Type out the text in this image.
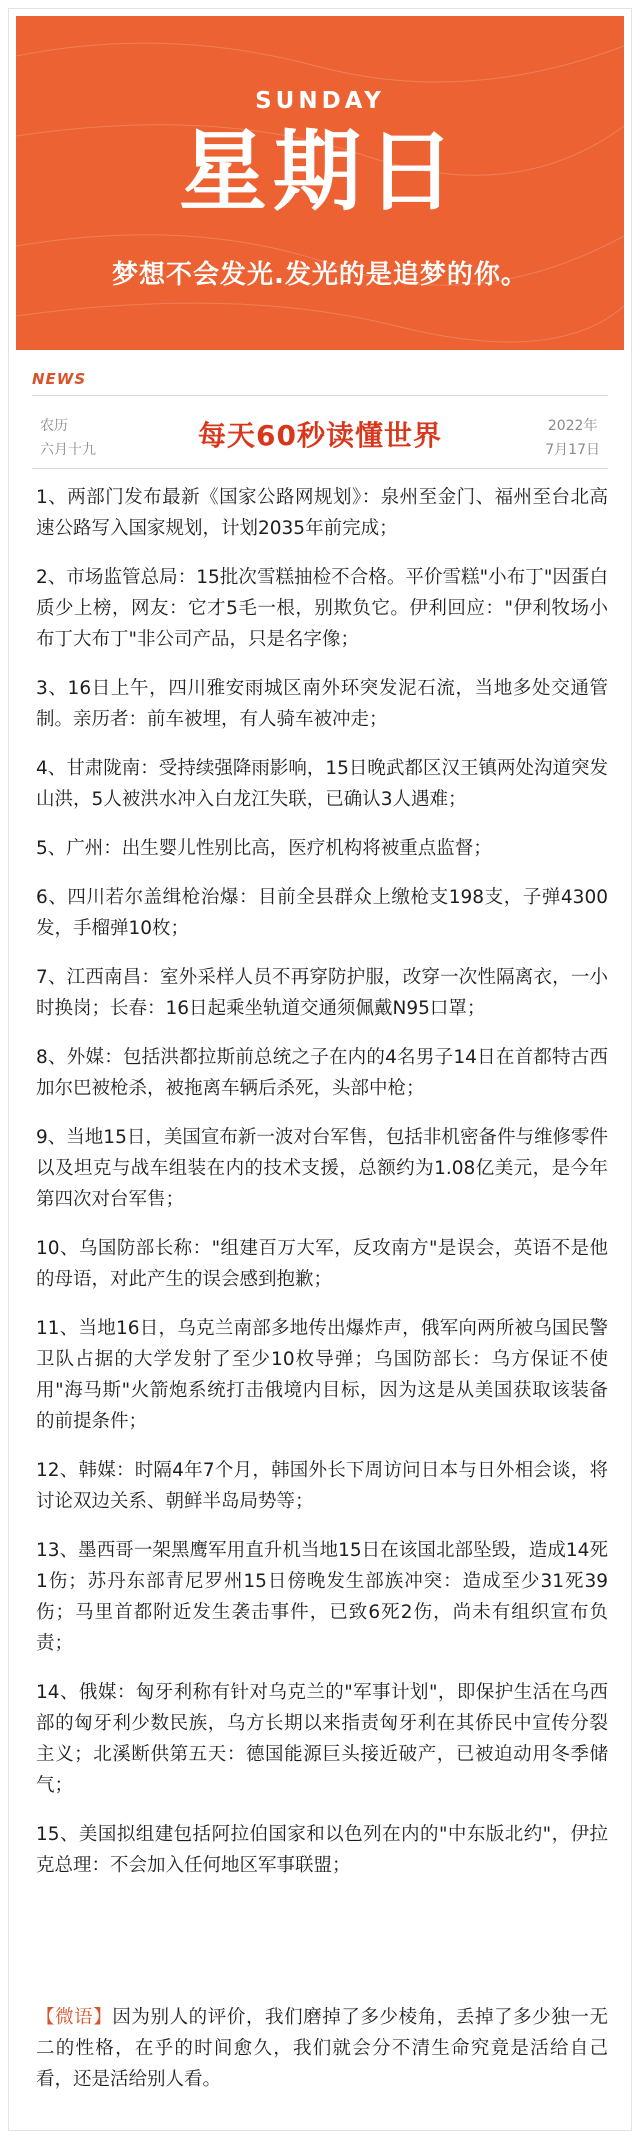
SUNDAY
星期日
梦想不会发光.发光的是追梦的你。
NEWS
农历
六月十九	每天60秒读懂世界	2022年
7月17日

1、两部门发布最新《国家公路网规划》：泉州至金门、福州至台北高速公路写入国家规划，计划2035年前完成；

2、市场监管总局：15批次雪糕抽检不合格。平价雪糕"小布丁"因蛋白质少上榜，网友：它才5毛一根，别欺负它。伊利回应："伊利牧场小布丁大布丁"非公司产品，只是名字像；

3、16日上午，四川雅安雨城区南外环突发泥石流，当地多处交通管制。亲历者：前车被埋，有人骑车被冲走；

4、甘肃陇南：受持续强降雨影响，15日晚武都区汉王镇两处沟道突发山洪，5人被洪水冲入白龙江失联，已确认3人遇难；

5、广州：出生婴儿性别比高，医疗机构将被重点监督；

6、四川若尔盖缉枪治爆：目前全县群众上缴枪支198支，子弹4300发，手榴弹10枚；

7、江西南昌：室外采样人员不再穿防护服，改穿一次性隔离衣，一小时换岗；长春：16日起乘坐轨道交通须佩戴N95口罩；

8、外媒：包括洪都拉斯前总统之子在内的4名男子14日在首都特古西加尔巴被枪杀，被拖离车辆后杀死，头部中枪；

9、当地15日，美国宣布新一波对台军售，包括非机密备件与维修零件以及坦克与战车组装在内的技术支援，总额约为1.08亿美元，是今年第四次对台军售；

10、乌国防部长称："组建百万大军，反攻南方"是误会，英语不是他的母语，对此产生的误会感到抱歉；

11、当地16日，乌克兰南部多地传出爆炸声，俄军向两所被乌国民警卫队占据的大学发射了至少10枚导弹；乌国防部长：乌方保证不使用"海马斯"火箭炮系统打击俄境内目标，因为这是从美国获取该装备的前提条件；

12、韩媒：时隔4年7个月，韩国外长下周访问日本与日外相会谈，将讨论双边关系、朝鲜半岛局势等；

13、墨西哥一架黑鹰军用直升机当地15日在该国北部坠毁，造成14死1伤；苏丹东部青尼罗州15日傍晚发生部族冲突：造成至少31死39伤；马里首都附近发生袭击事件，已致6死2伤，尚未有组织宣布负责；

14、俄媒：匈牙利称有针对乌克兰的"军事计划"，即保护生活在乌西部的匈牙利少数民族，乌方长期以来指责匈牙利在其侨民中宣传分裂主义；北溪断供第五天：德国能源巨头接近破产，已被迫动用冬季储气；

15、美国拟组建包括阿拉伯国家和以色列在内的"中东版北约"，伊拉克总理：不会加入任何地区军事联盟；

【微语】因为别人的评价，我们磨掉了多少棱角，丢掉了多少独一无二的性格，在乎的时间愈久，我们就会分不清生命究竟是活给自己看，还是活给别人看。
